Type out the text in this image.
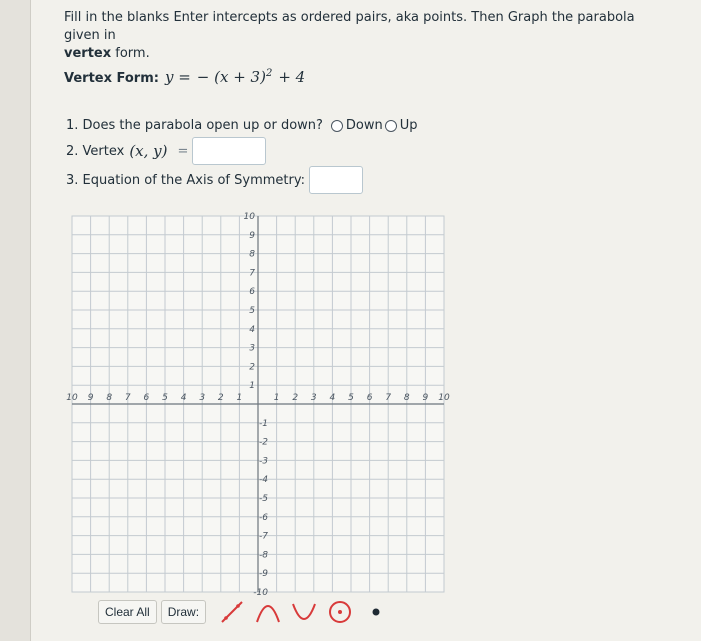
Fill in the blanks Enter intercepts as ordered pairs, aka points. Then Graph the parabola given in
vertex form.
Vertex Form: y = − $(x + 3)^2 + 4$
1. Does the parabola open up or down? Down Up
2. Vertex (x, y) =
3. Equation of the Axis of Symmetry:
10 9 8 7 6 5 4 3 2 1	1 2 3 4 5 6 7 8 9 10
10
9
8
7
6
5
4
3
2
1
-1
-2
-3
-4
-5
-6
-7
-8
-9
-10
Clear All	Draw:
